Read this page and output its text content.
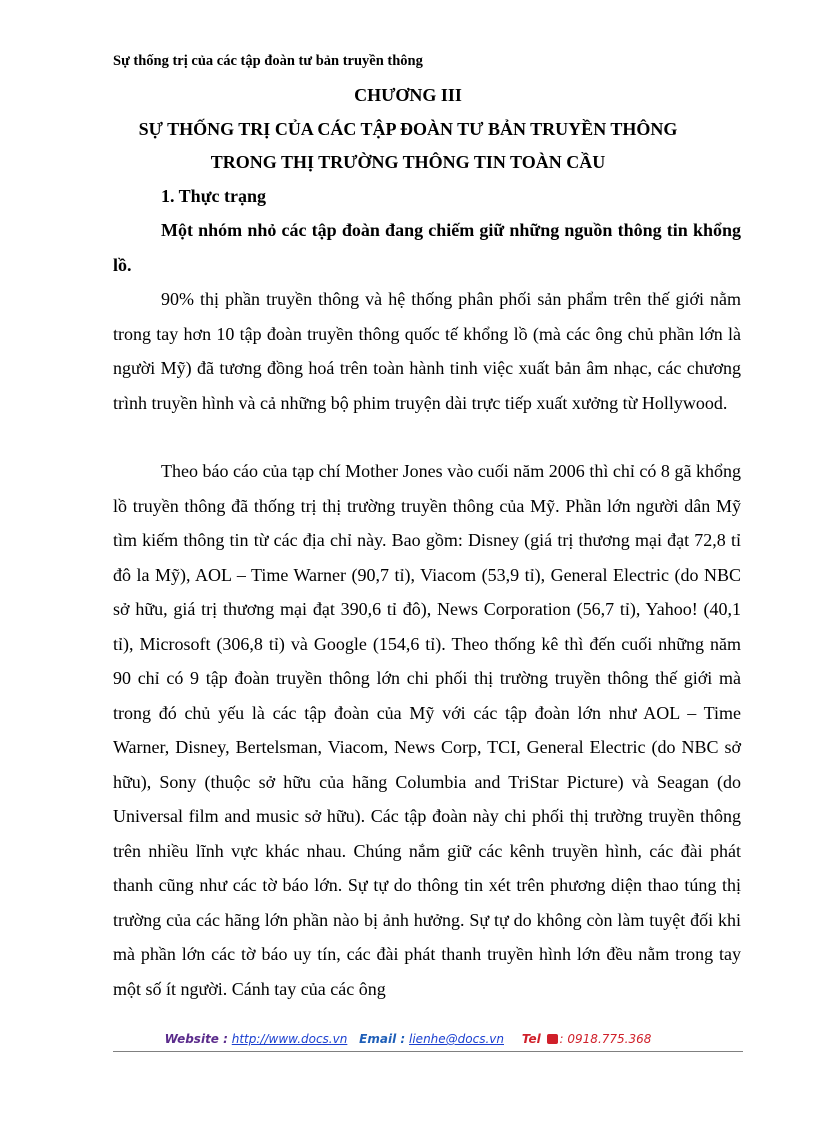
Sự thống trị của các tập đoàn tư bản truyền thông
CHƯƠNG III
SỰ THỐNG TRỊ CỦA CÁC TẬP ĐOÀN TƯ BẢN TRUYỀN THÔNG
TRONG THỊ TRƯỜNG THÔNG TIN TOÀN CẦU
1. Thực trạng

Một nhóm nhỏ các tập đoàn đang chiếm giữ những nguồn thông tin khổng lồ.

90% thị phần truyền thông và hệ thống phân phối sản phẩm trên thế giới nằm trong tay hơn 10 tập đoàn truyền thông quốc tế khổng lồ (mà các ông chủ phần lớn là người Mỹ) đã tương đồng hoá trên toàn hành tinh việc xuất bản âm nhạc, các chương trình truyền hình và cả những bộ phim truyện dài trực tiếp xuất xưởng từ Hollywood.

Theo báo cáo của tạp chí Mother Jones vào cuối năm 2006 thì chỉ có 8 gã khổng lồ truyền thông đã thống trị thị trường truyền thông của Mỹ. Phần lớn người dân Mỹ tìm kiếm thông tin từ các địa chỉ này. Bao gồm: Disney (giá trị thương mại đạt 72,8 tỉ đô la Mỹ), AOL – Time Warner (90,7 tỉ), Viacom (53,9 tỉ), General Electric (do NBC sở hữu, giá trị thương mại đạt 390,6 tỉ đô), News Corporation (56,7 tỉ), Yahoo! (40,1 tỉ), Microsoft (306,8 tỉ) và Google (154,6 tỉ). Theo thống kê thì đến cuối những năm 90 chỉ có 9 tập đoàn truyền thông lớn chi phối thị trường truyền thông thế giới mà trong đó chủ yếu là các tập đoàn của Mỹ với các tập đoàn lớn như AOL – Time Warner, Disney, Bertelsman, Viacom, News Corp, TCI, General Electric (do NBC sở hữu), Sony (thuộc sở hữu của hãng Columbia and TriStar Picture) và Seagan (do Universal film and music sở hữu). Các tập đoàn này chi phối thị trường truyền thông trên nhiều lĩnh vực khác nhau. Chúng nắm giữ các kênh truyền hình, các đài phát thanh cũng như các tờ báo lớn. Sự tự do thông tin xét trên phương diện thao túng thị trường của các hãng lớn phần nào bị ảnh hưởng. Sự tự do không còn làm tuyệt đối khi mà phần lớn các tờ báo uy tín, các đài phát thanh truyền hình lớn đều nằm trong tay một số ít người. Cánh tay của các ông

Website : http://www.docs.vn Email : lienhe@docs.vn Tel : 0918.775.368
